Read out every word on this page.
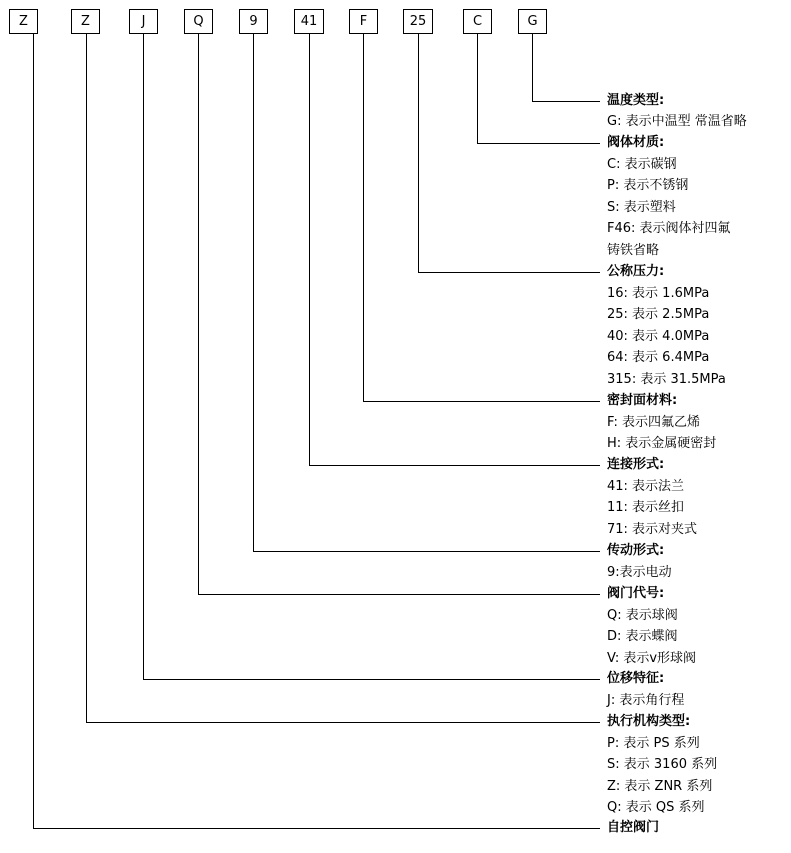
Z	Z	J	Q	9	41	F	25	C	G
温度类型:
G: 表示中温型 常温省略
阀体材质:
C: 表示碳钢
P: 表示不锈钢
S: 表示塑料
F46: 表示阀体衬四氟
铸铁省略
公称压力:
16: 表示 1.6MPa
25: 表示 2.5MPa
40: 表示 4.0MPa
64: 表示 6.4MPa
315: 表示 31.5MPa
密封面材料:
F: 表示四氟乙烯
H: 表示金属硬密封
连接形式:
41: 表示法兰
11: 表示丝扣
71: 表示对夹式
传动形式:
9:表示电动
阀门代号:
Q: 表示球阀
D: 表示蝶阀
V: 表示v形球阀
位移特征:
J: 表示角行程
执行机构类型:
P: 表示 PS 系列
S: 表示 3160 系列
Z: 表示 ZNR 系列
Q: 表示 QS 系列
自控阀门
